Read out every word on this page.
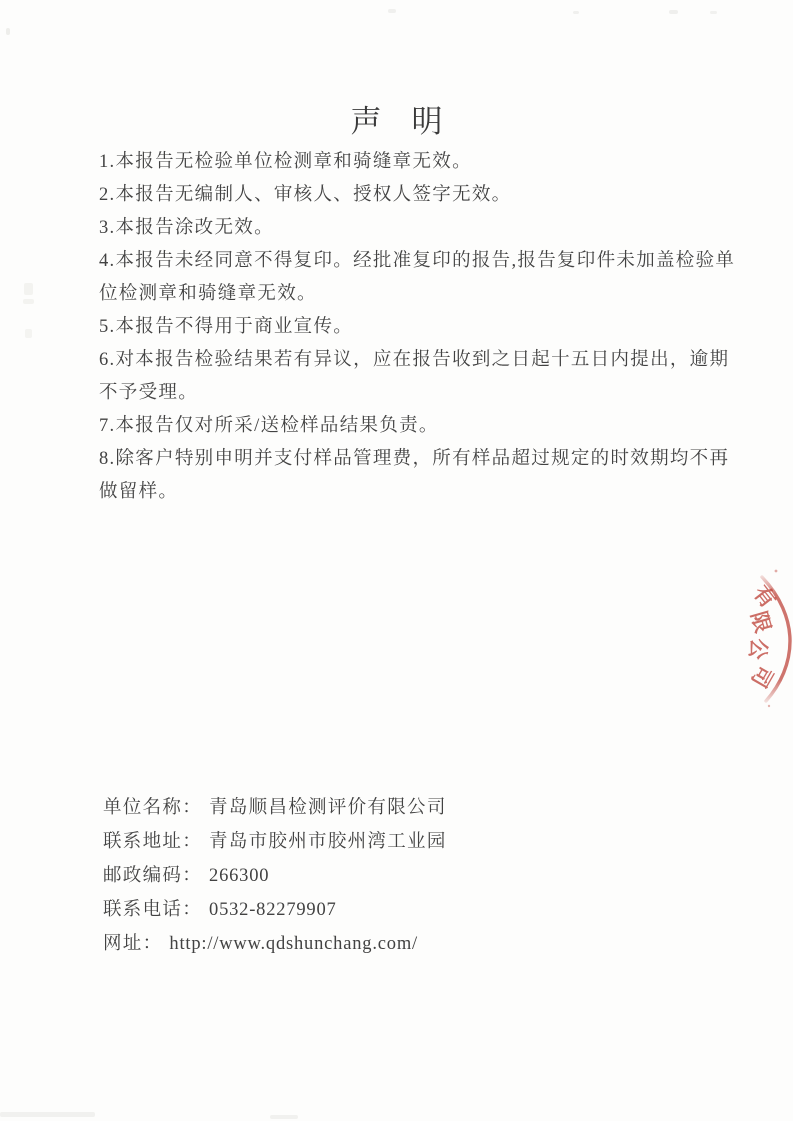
声明
1.本报告无检验单位检测章和骑缝章无效。
2.本报告无编制人、审核人、授权人签字无效。
3.本报告涂改无效。
4.本报告未经同意不得复印。经批准复印的报告,报告复印件未加盖检验单
位检测章和骑缝章无效。
5.本报告不得用于商业宣传。
6.对本报告检验结果若有异议，应在报告收到之日起十五日内提出，逾期
不予受理。
7.本报告仅对所采/送检样品结果负责。
8.除客户特别申明并支付样品管理费，所有样品超过规定的时效期均不再
做留样。
单位名称： 青岛顺昌检测评价有限公司
联系地址： 青岛市胶州市胶州湾工业园
邮政编码： 266300
联系电话： 0532-82279907
网址： http://www.qdshunchang.com/
有
限
公
司
